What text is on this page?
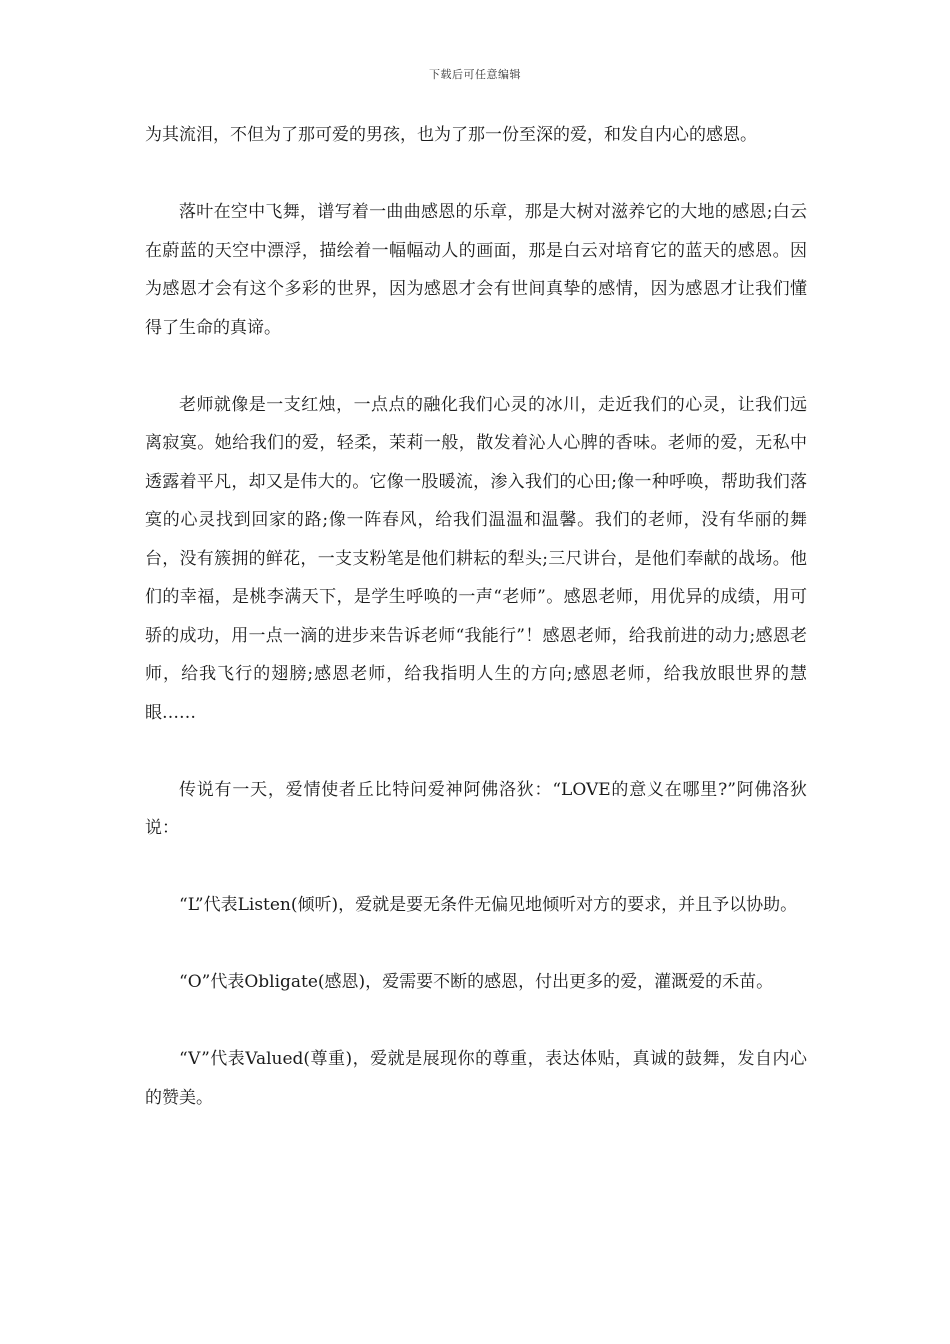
下载后可任意编辑

为其流泪，不但为了那可爱的男孩，也为了那一份至深的爱，和发自内心的感恩。

落叶在空中飞舞，谱写着一曲曲感恩的乐章，那是大树对滋养它的大地的感恩;白云在蔚蓝的天空中漂浮，描绘着一幅幅动人的画面，那是白云对培育它的蓝天的感恩。因为感恩才会有这个多彩的世界，因为感恩才会有世间真挚的感情，因为感恩才让我们懂得了生命的真谛。

老师就像是一支红烛，一点点的融化我们心灵的冰川，走近我们的心灵，让我们远离寂寞。她给我们的爱，轻柔，茉莉一般，散发着沁人心脾的香味。老师的爱，无私中透露着平凡，却又是伟大的。它像一股暖流，渗入我们的心田;像一种呼唤，帮助我们落寞的心灵找到回家的路;像一阵春风，给我们温温和温馨。我们的老师，没有华丽的舞台，没有簇拥的鲜花，一支支粉笔是他们耕耘的犁头;三尺讲台，是他们奉献的战场。他们的幸福，是桃李满天下，是学生呼唤的一声“老师”。感恩老师，用优异的成绩，用可骄的成功，用一点一滴的进步来告诉老师“我能行”！感恩老师，给我前进的动力;感恩老师，给我飞行的翅膀;感恩老师，给我指明人生的方向;感恩老师，给我放眼世界的慧眼……

传说有一天，爱情使者丘比特问爱神阿佛洛狄：“LOVE的意义在哪里?”阿佛洛狄说：

“L”代表Listen(倾听)，爱就是要无条件无偏见地倾听对方的要求，并且予以协助。

“O”代表Obligate(感恩)，爱需要不断的感恩，付出更多的爱，灌溉爱的禾苗。

“V”代表Valued(尊重)，爱就是展现你的尊重，表达体贴，真诚的鼓舞，发自内心的赞美。
